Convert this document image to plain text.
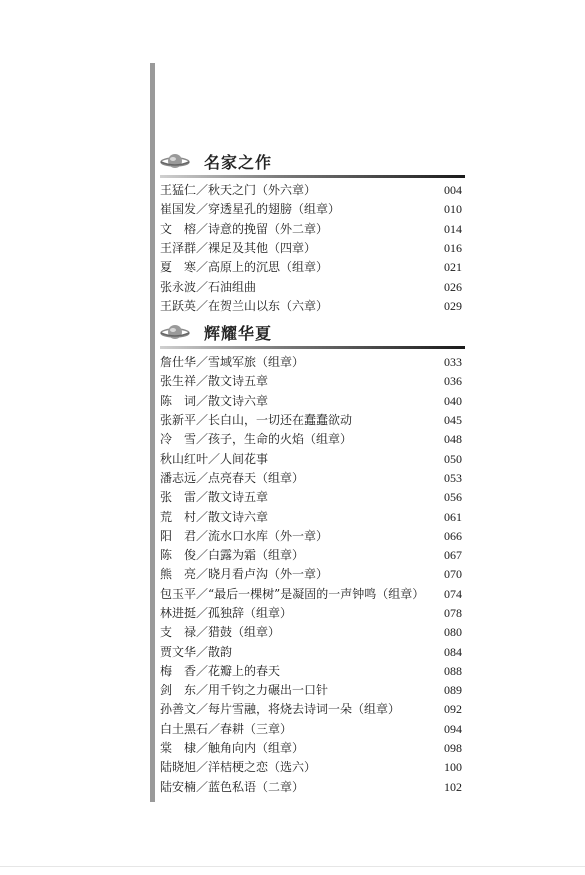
名家之作
王猛仁／秋天之门（外六章）	004
崔国发／穿透星孔的翅膀（组章）	010
文　榕／诗意的挽留（外二章）	014
王泽群／裸足及其他（四章）	016
夏　寒／高原上的沉思（组章）	021
张永波／石油组曲	026
王跃英／在贺兰山以东（六章）	029
辉耀华夏
詹仕华／雪域军旅（组章）	033
张生祥／散文诗五章	036
陈　词／散文诗六章	040
张新平／长白山，一切还在蠢蠢欲动	045
冷　雪／孩子，生命的火焰（组章）	048
秋山红叶／人间花事	050
潘志远／点亮春天（组章）	053
张　雷／散文诗五章	056
荒　村／散文诗六章	061
阳　君／流水口水库（外一章）	066
陈　俊／白露为霜（组章）	067
熊　亮／晓月看卢沟（外一章）	070
包玉平／“最后一棵树”是凝固的一声钟鸣（组章） 074
林进挺／孤独辞（组章）	078
支　禄／猎鼓（组章）	080
贾文华／散韵	084
梅　香／花瓣上的春天	088
剑　东／用千钧之力碾出一口针	089
孙善文／每片雪融，将烧去诗词一朵（组章）	092
白土黑石／春耕（三章）	094
棠　棣／触角向内（组章）	098
陆晓旭／洋桔梗之恋（选六）	100
陆安楠／蓝色私语（二章）	102
